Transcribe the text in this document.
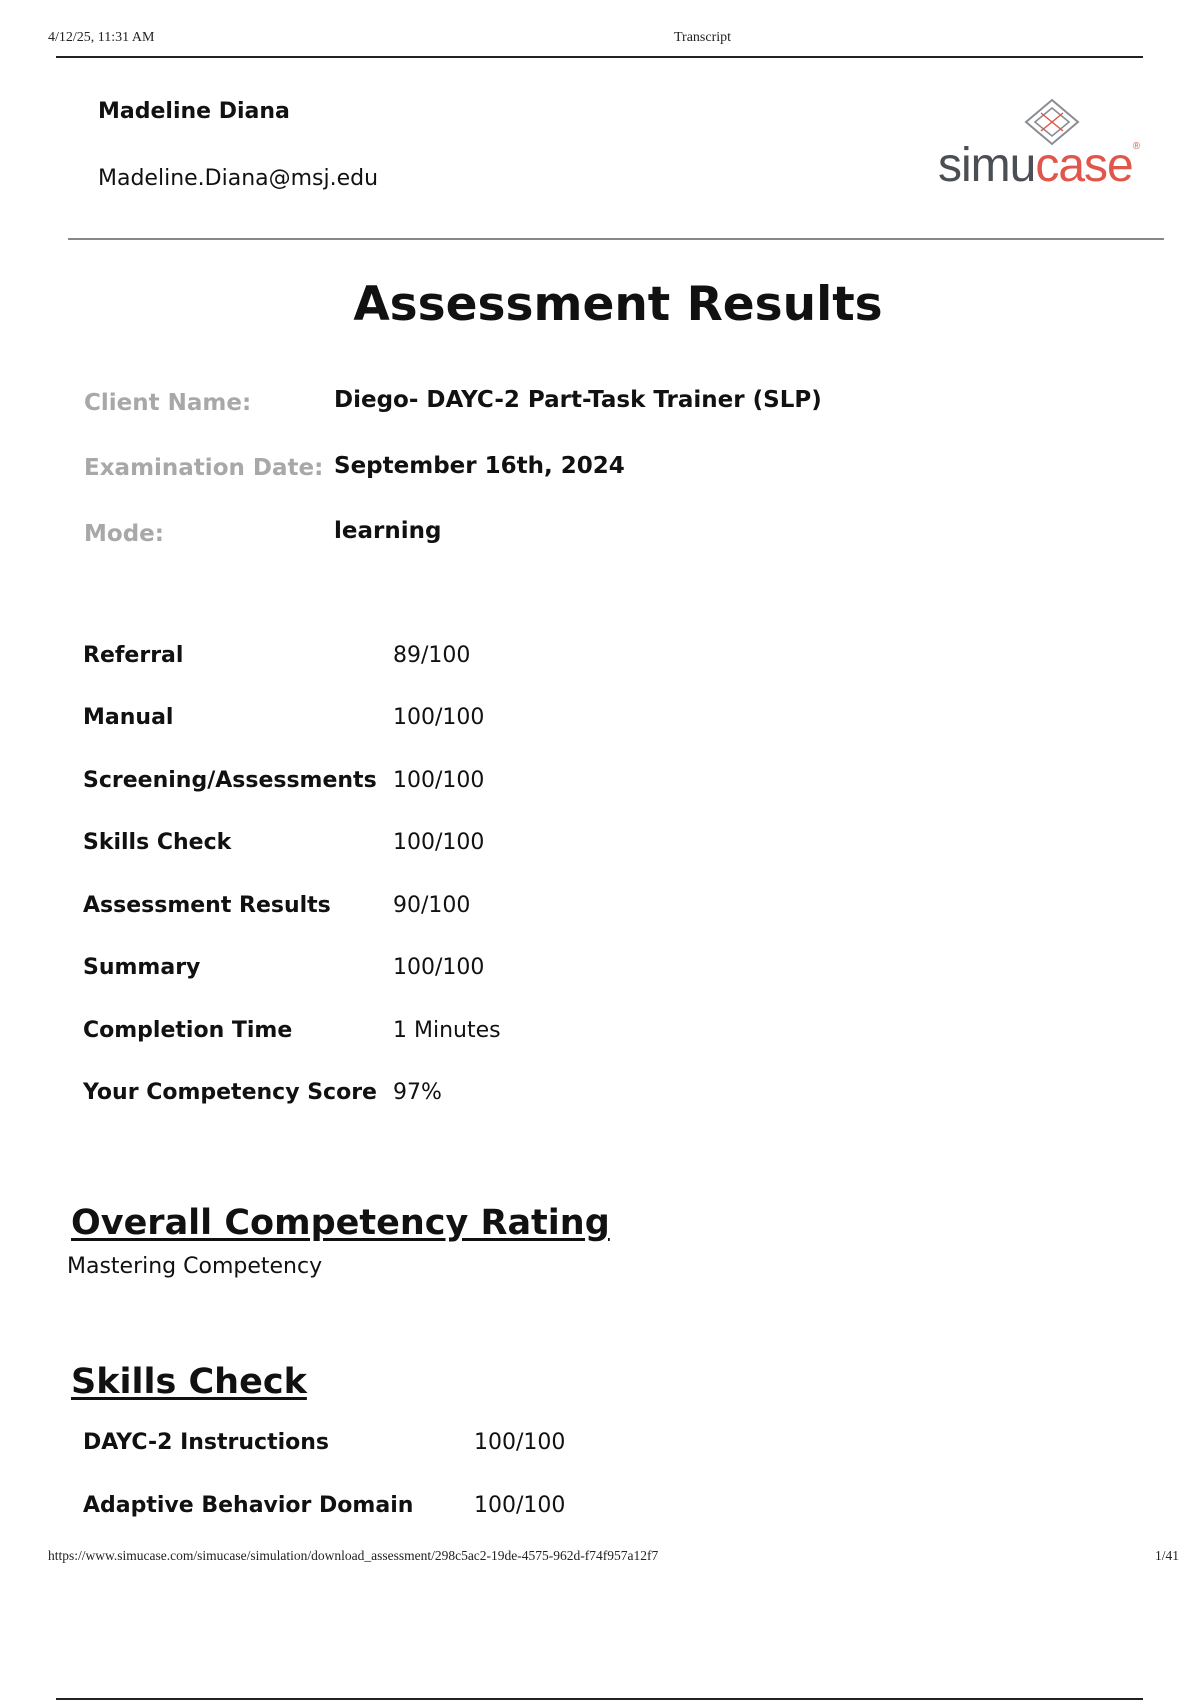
4/12/25, 11:31 AM	Transcript
Madeline Diana
Madeline.Diana@msj.edu	simucase®
Assessment Results
Client Name:	Diego- DAYC-2 Part-Task Trainer (SLP)
Examination Date: September 16th, 2024
Mode:	learning
Referral	89/100
Manual	100/100
Screening/Assessments 100/100
Skills Check	100/100
Assessment Results	90/100
Summary	100/100
Completion Time	1 Minutes
Your Competency Score 97%
Overall Competency Rating
Mastering Competency
Skills Check
DAYC-2 Instructions	100/100
Adaptive Behavior Domain	100/100
https://www.simucase.com/simucase/simulation/download_assessment/298c5ac2-19de-4575-962d-f74f957a12f7	1/41
